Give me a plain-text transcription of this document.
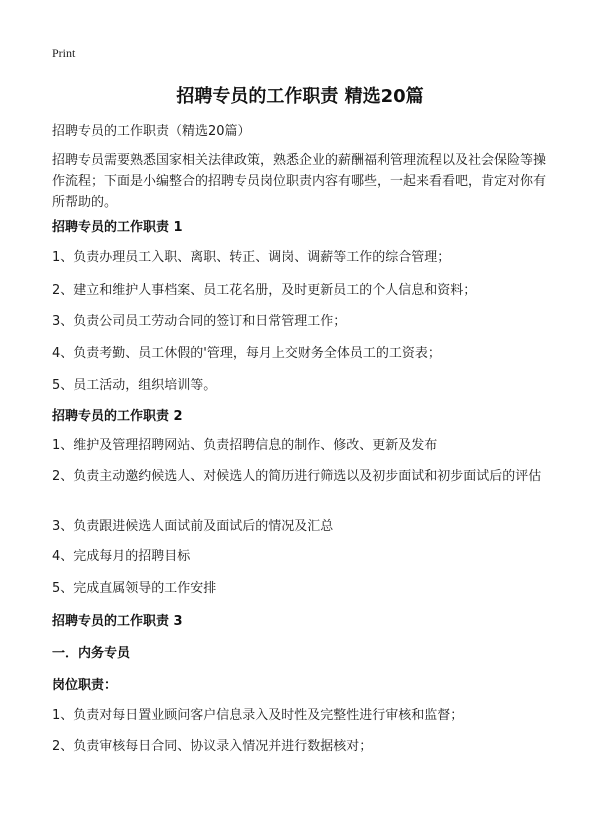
Print
招聘专员的工作职责 精选20篇
招聘专员的工作职责（精选20篇）
招聘专员需要熟悉国家相关法律政策，熟悉企业的薪酬福利管理流程以及社会保险等操作流程；下面是小编整合的招聘专员岗位职责内容有哪些，一起来看看吧，肯定对你有所帮助的。
招聘专员的工作职责 1
1、负责办理员工入职、离职、转正、调岗、调薪等工作的综合管理；
2、建立和维护人事档案、员工花名册，及时更新员工的个人信息和资料；
3、负责公司员工劳动合同的签订和日常管理工作；
4、负责考勤、员工休假的'管理，每月上交财务全体员工的工资表；
5、员工活动，组织培训等。
招聘专员的工作职责 2
1、维护及管理招聘网站、负责招聘信息的制作、修改、更新及发布
2、负责主动邀约候选人、对候选人的简历进行筛选以及初步面试和初步面试后的评估
3、负责跟进候选人面试前及面试后的情况及汇总
4、完成每月的招聘目标
5、完成直属领导的工作安排
招聘专员的工作职责 3
一．内务专员
岗位职责：
1、负责对每日置业顾问客户信息录入及时性及完整性进行审核和监督；
2、负责审核每日合同、协议录入情况并进行数据核对；
